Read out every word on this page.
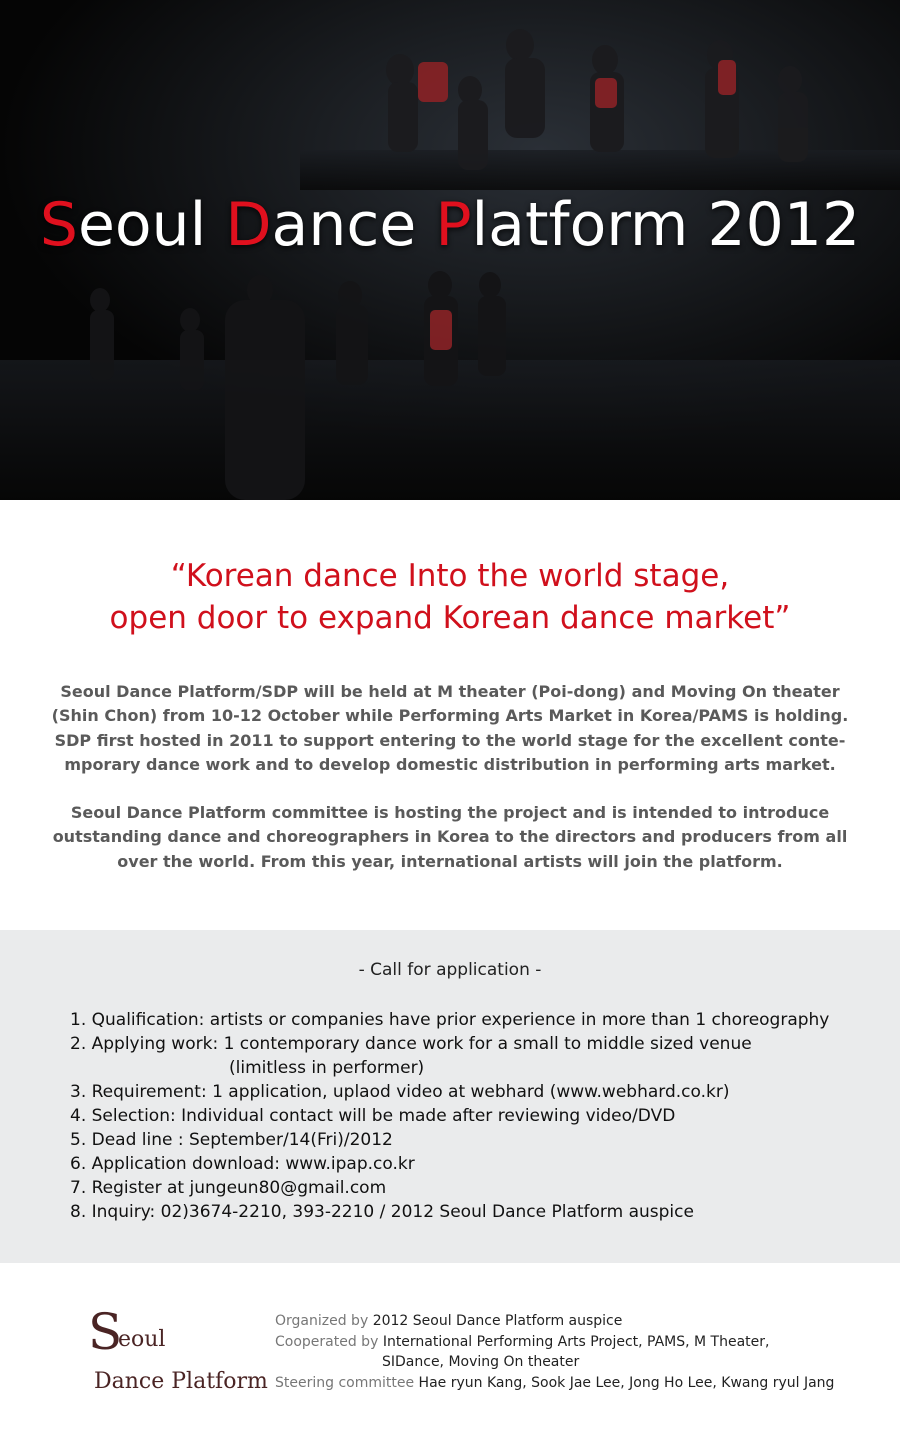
Seoul Dance Platform 2012
“Korean dance Into the world stage,
open door to expand Korean dance market”

Seoul Dance Platform/SDP will be held at M theater (Poi-dong) and Moving On theater (Shin Chon) from 10-12 October while Performing Arts Market in Korea/PAMS is holding. SDP first hosted in 2011 to support entering to the world stage for the excellent conte-mporary dance work and to develop domestic distribution in performing arts market.

Seoul Dance Platform committee is hosting the project and is intended to introduce outstanding dance and choreographers in Korea to the directors and producers from all over the world. From this year, international artists will join the platform.

- Call for application -
1. Qualification: artists or companies have prior experience in more than 1 choreography
2. Applying work: 1 contemporary dance work for a small to middle sized venue
(limitless in performer)
3. Requirement: 1 application, uplaod video at webhard (www.webhard.co.kr)
4. Selection: Individual contact will be made after reviewing video/DVD
5. Dead line : September/14(Fri)/2012
6. Application download: www.ipap.co.kr
7. Register at jungeun80@gmail.com
8. Inquiry: 02)3674-2210, 393-2210 / 2012 Seoul Dance Platform auspice
S
eoul
Dance Platform
Organized by 2012 Seoul Dance Platform auspice
Cooperated by International Performing Arts Project, PAMS, M Theater,
SIDance, Moving On theater
Steering committee Hae ryun Kang, Sook Jae Lee, Jong Ho Lee, Kwang ryul Jang
